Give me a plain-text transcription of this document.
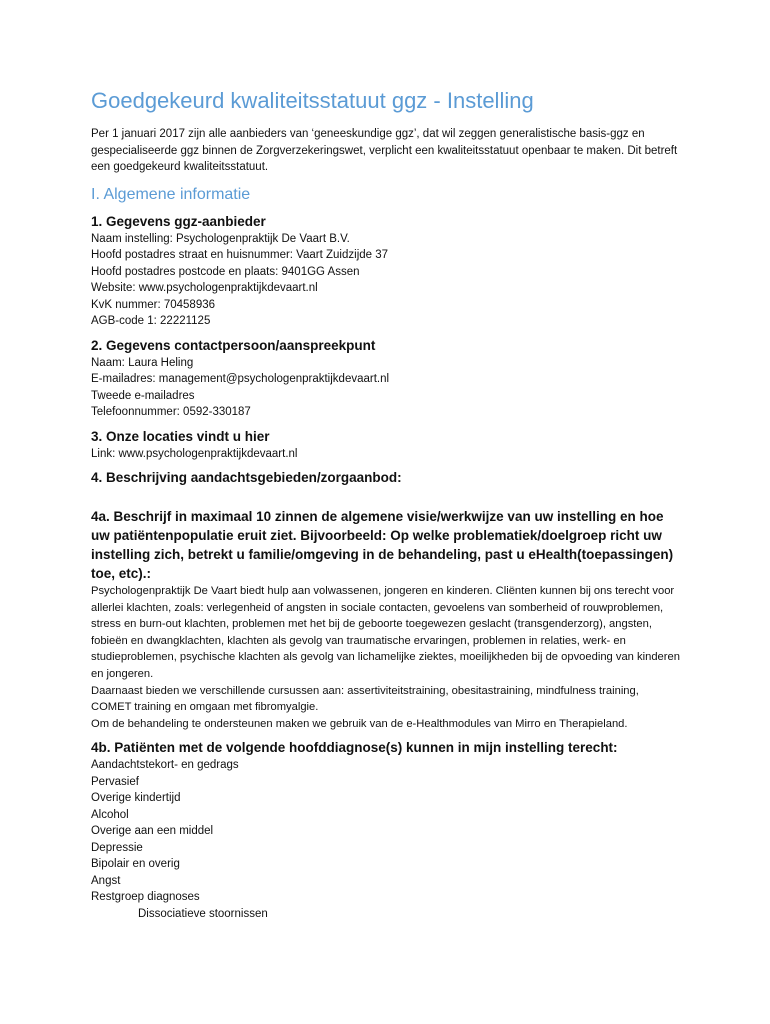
Goedgekeurd kwaliteitsstatuut ggz - Instelling

Per 1 januari 2017 zijn alle aanbieders van ‘geneeskundige ggz’, dat wil zeggen generalistische basis-ggz en gespecialiseerde ggz binnen de Zorgverzekeringswet, verplicht een kwaliteitsstatuut openbaar te maken. Dit betreft een goedgekeurd kwaliteitsstatuut.

I. Algemene informatie
1. Gegevens ggz-aanbieder
Naam instelling: Psychologenpraktijk De Vaart B.V.
Hoofd postadres straat en huisnummer: Vaart Zuidzijde 37
Hoofd postadres postcode en plaats: 9401GG Assen
Website: www.psychologenpraktijkdevaart.nl
KvK nummer: 70458936
AGB-code 1: 22221125
2. Gegevens contactpersoon/aanspreekpunt
Naam: Laura Heling
E-mailadres: management@psychologenpraktijkdevaart.nl
Tweede e-mailadres
Telefoonnummer: 0592-330187
3. Onze locaties vindt u hier
Link: www.psychologenpraktijkdevaart.nl
4. Beschrijving aandachtsgebieden/zorgaanbod:
4a. Beschrijf in maximaal 10 zinnen de algemene visie/werkwijze van uw instelling en hoe uw patiëntenpopulatie eruit ziet. Bijvoorbeeld: Op welke problematiek/doelgroep richt uw instelling zich, betrekt u familie/omgeving in de behandeling, past u eHealth(toepassingen) toe, etc).:

Psychologenpraktijk De Vaart biedt hulp aan volwassenen, jongeren en kinderen. Cliënten kunnen bij ons terecht voor allerlei klachten, zoals: verlegenheid of angsten in sociale contacten, gevoelens van somberheid of rouwproblemen, stress en burn-out klachten, problemen met het bij de geboorte toegewezen geslacht (transgenderzorg), angsten, fobieën en dwangklachten, klachten als gevolg van traumatische ervaringen, problemen in relaties, werk- en studieproblemen, psychische klachten als gevolg van lichamelijke ziektes, moeilijkheden bij de opvoeding van kinderen en jongeren.

Daarnaast bieden we verschillende cursussen aan: assertiviteitstraining, obesitastraining, mindfulness training, COMET training en omgaan met fibromyalgie.

Om de behandeling te ondersteunen maken we gebruik van de e-Healthmodules van Mirro en Therapieland.

4b. Patiënten met de volgende hoofddiagnose(s) kunnen in mijn instelling terecht:
Aandachtstekort- en gedrags
Pervasief
Overige kindertijd
Alcohol
Overige aan een middel
Depressie
Bipolair en overig
Angst
Restgroep diagnoses
Dissociatieve stoornissen
